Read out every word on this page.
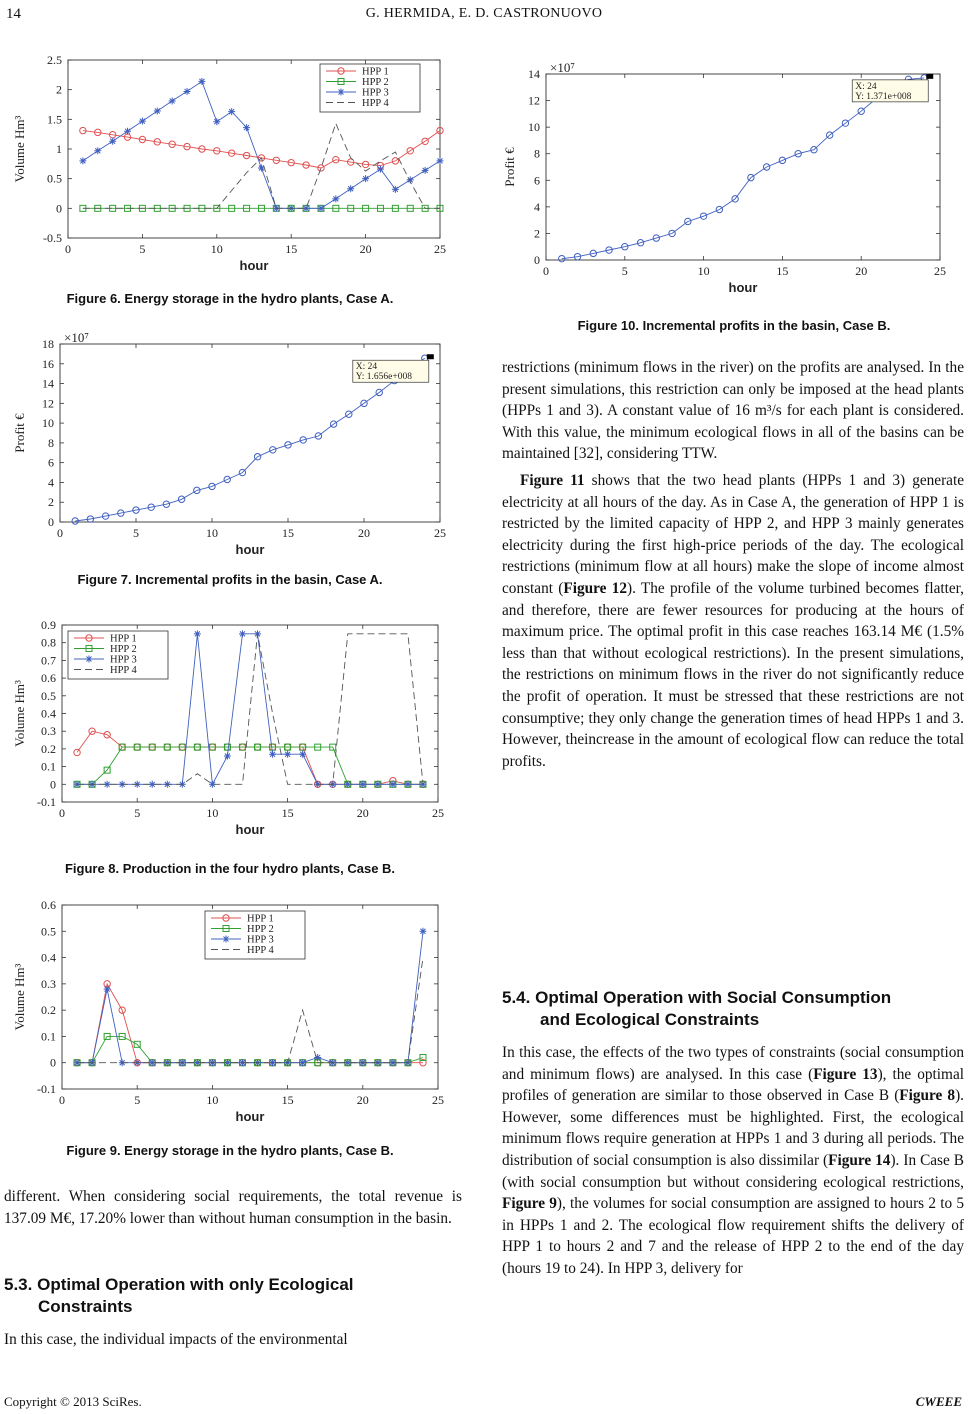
14	G. HERMIDA, E. D. CASTRONUOVO
0	5	10	15	20	25
-0.5
0
0.5
1
1.5
2
2.5
hour
Volume Hm³
HPP 1
HPP 2
HPP 3
HPP 4
Figure 6. Energy storage in the hydro plants, Case A.
0	5	10	15	20	25
0
2
4
6
8
10
12
14
16
18
hour
Profit €
×10⁷
X: 24
Y: 1.656e+008
Figure 7. Incremental profits in the basin, Case A.
0	5	10	15	20	25
-0.1
0
0.1
0.2
0.3
0.4
0.5
0.6
0.7
0.8
0.9
hour
Volume Hm³
HPP 1
HPP 2
HPP 3
HPP 4
Figure 8. Production in the four hydro plants, Case B.
0	5	10	15	20	25
-0.1
0
0.1
0.2
0.3
0.4
0.5
0.6
hour
Volume Hm³
HPP 1
HPP 2
HPP 3
HPP 4
Figure 9. Energy storage in the hydro plants, Case B.
0	5	10	15	20	25
0
2
4
6
8
10
12
14
hour
Profit €
×10⁷
X: 24
Y: 1.371e+008
Figure 10. Incremental profits in the basin, Case B.

different. When considering social requirements, the total revenue is 137.09 M€, 17.20% lower than without human consumption in the basin.

5.3. Optimal Operation with only Ecological
Constraints

In this case, the individual impacts of the environmental

restrictions (minimum flows in the river) on the profits are analysed. In the present simulations, this restriction can only be imposed at the head plants (HPPs 1 and 3). A constant value of 16 m³/s for each plant is considered. With this value, the minimum ecological flows in all of the basins can be maintained [32], considering TTW.

Figure 11 shows that the two head plants (HPPs 1 and 3) generate electricity at all hours of the day. As in Case A, the generation of HPP 1 is restricted by the limited capacity of HPP 2, and HPP 3 mainly generates electricity during the first high-price periods of the day. The ecological restrictions (minimum flow at all hours) make the slope of income almost constant (Figure 12). The profile of the volume turbined becomes flatter, and therefore, there are fewer resources for producing at the hours of maximum price. The optimal profit in this case reaches 163.14 M€ (1.5% less than that without ecological restrictions). In the present simulations, the restrictions on minimum flows in the river do not significantly reduce the profit of operation. It must be stressed that these restrictions are not consumptive; they only change the generation times of head HPPs 1 and 3. However, theincrease in the amount of ecological flow can reduce the total profits.

5.4. Optimal Operation with Social Consumption
and Ecological Constraints

In this case, the effects of the two types of constraints (social consumption and minimum flows) are analysed. In this case (Figure 13), the optimal profiles of generation are similar to those observed in Case B (Figure 8). However, some differences must be highlighted. First, the ecological minimum flows require generation at HPPs 1 and 3 during all periods. The distribution of social consumption is also dissimilar (Figure 14). In Case B (with social consumption but without considering ecological restrictions, Figure 9), the volumes for social consumption are assigned to hours 2 to 5 in HPPs 1 and 2. The ecological flow requirement shifts the delivery of HPP 1 to hours 2 and 7 and the release of HPP 2 to the end of the day (hours 19 to 24). In HPP 3, delivery for

Copyright © 2013 SciRes.	CWEEE
